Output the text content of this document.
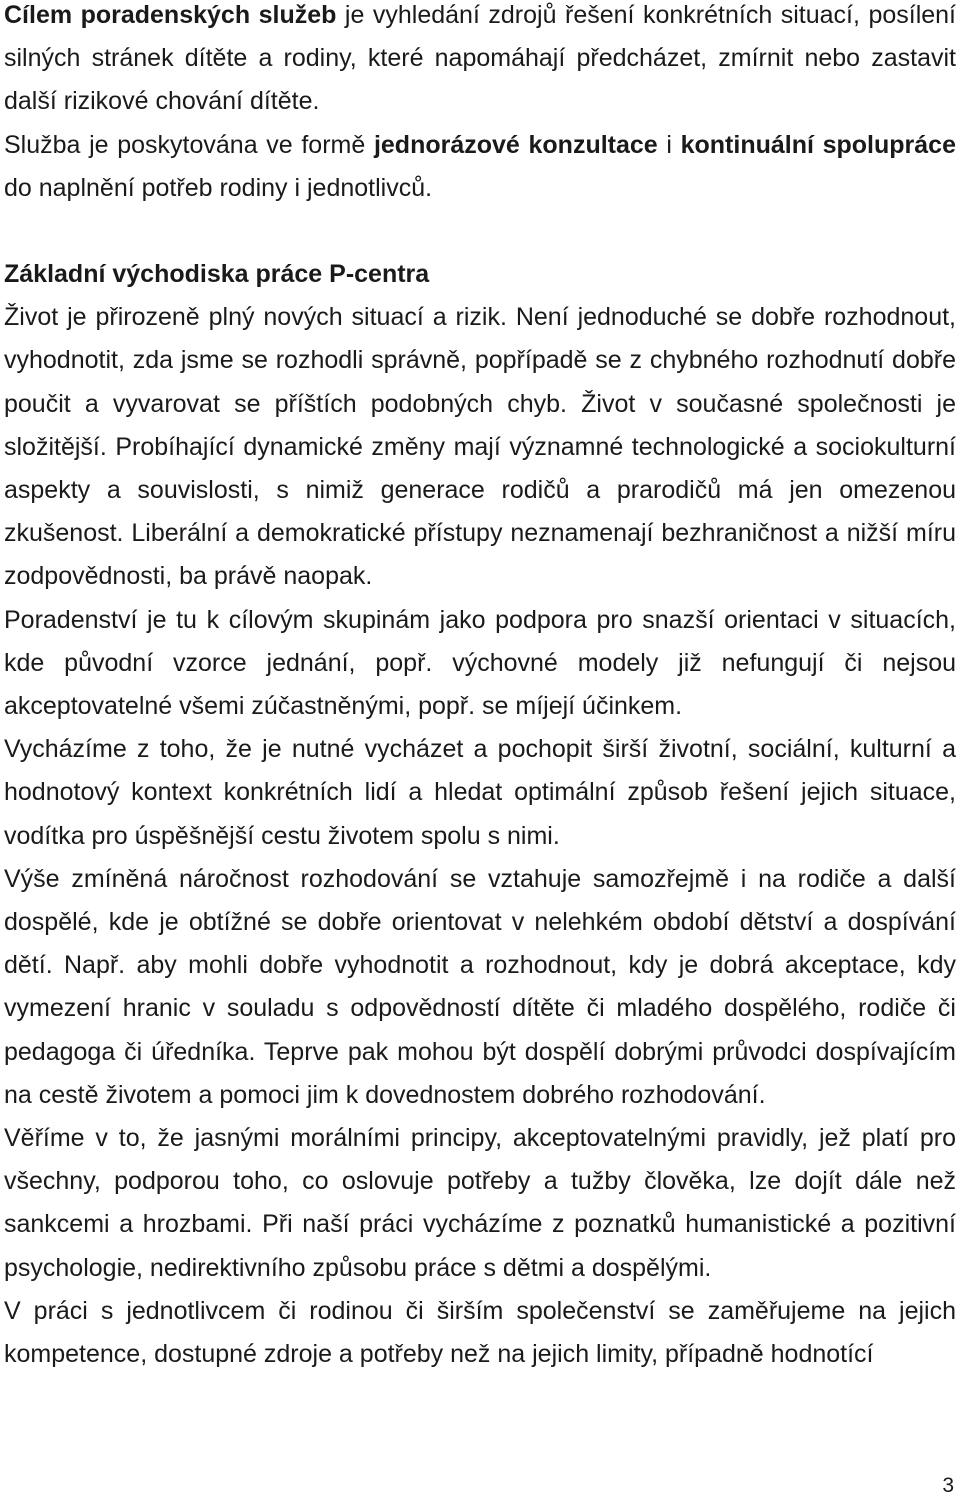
Cílem poradenských služeb je vyhledání zdrojů řešení konkrétních situací, posílení silných stránek dítěte a rodiny, které napomáhají předcházet, zmírnit nebo zastavit další rizikové chování dítěte.

Služba je poskytována ve formě jednorázové konzultace i kontinuální spolupráce do naplnění potřeb rodiny i jednotlivců.

Základní východiska práce P-centra

Život je přirozeně plný nových situací a rizik. Není jednoduché se dobře rozhodnout, vyhodnotit, zda jsme se rozhodli správně, popřípadě se z chybného rozhodnutí dobře poučit a vyvarovat se příštích podobných chyb. Život v současné společnosti je složitější. Probíhající dynamické změny mají významné technologické a sociokulturní aspekty a souvislosti, s nimiž generace rodičů a prarodičů má jen omezenou zkušenost. Liberální a demokratické přístupy neznamenají bezhraničnost a nižší míru zodpovědnosti, ba právě naopak.

Poradenství je tu k cílovým skupinám jako podpora pro snazší orientaci v situacích, kde původní vzorce jednání, popř. výchovné modely již nefungují či nejsou akceptovatelné všemi zúčastněnými, popř. se míjejí účinkem.

Vycházíme z toho, že je nutné vycházet a pochopit širší životní, sociální, kulturní a hodnotový kontext konkrétních lidí a hledat optimální způsob řešení jejich situace, vodítka pro úspěšnější cestu životem spolu s nimi.

Výše zmíněná náročnost rozhodování se vztahuje samozřejmě i na rodiče a další dospělé, kde je obtížné se dobře orientovat v nelehkém období dětství a dospívání dětí. Např. aby mohli dobře vyhodnotit a rozhodnout, kdy je dobrá akceptace, kdy vymezení hranic v souladu s odpovědností dítěte či mladého dospělého, rodiče či pedagoga či úředníka. Teprve pak mohou být dospělí dobrými průvodci dospívajícím na cestě životem a pomoci jim k dovednostem dobrého rozhodování.

Věříme v to, že jasnými morálními principy, akceptovatelnými pravidly, jež platí pro všechny, podporou toho, co oslovuje potřeby a tužby člověka, lze dojít dále než sankcemi a hrozbami. Při naší práci vycházíme z poznatků humanistické a pozitivní psychologie, nedirektivního způsobu práce s dětmi a dospělými.

V práci s jednotlivcem či rodinou či širším společenství se zaměřujeme na jejich kompetence, dostupné zdroje a potřeby než na jejich limity, případně hodnotící

3
